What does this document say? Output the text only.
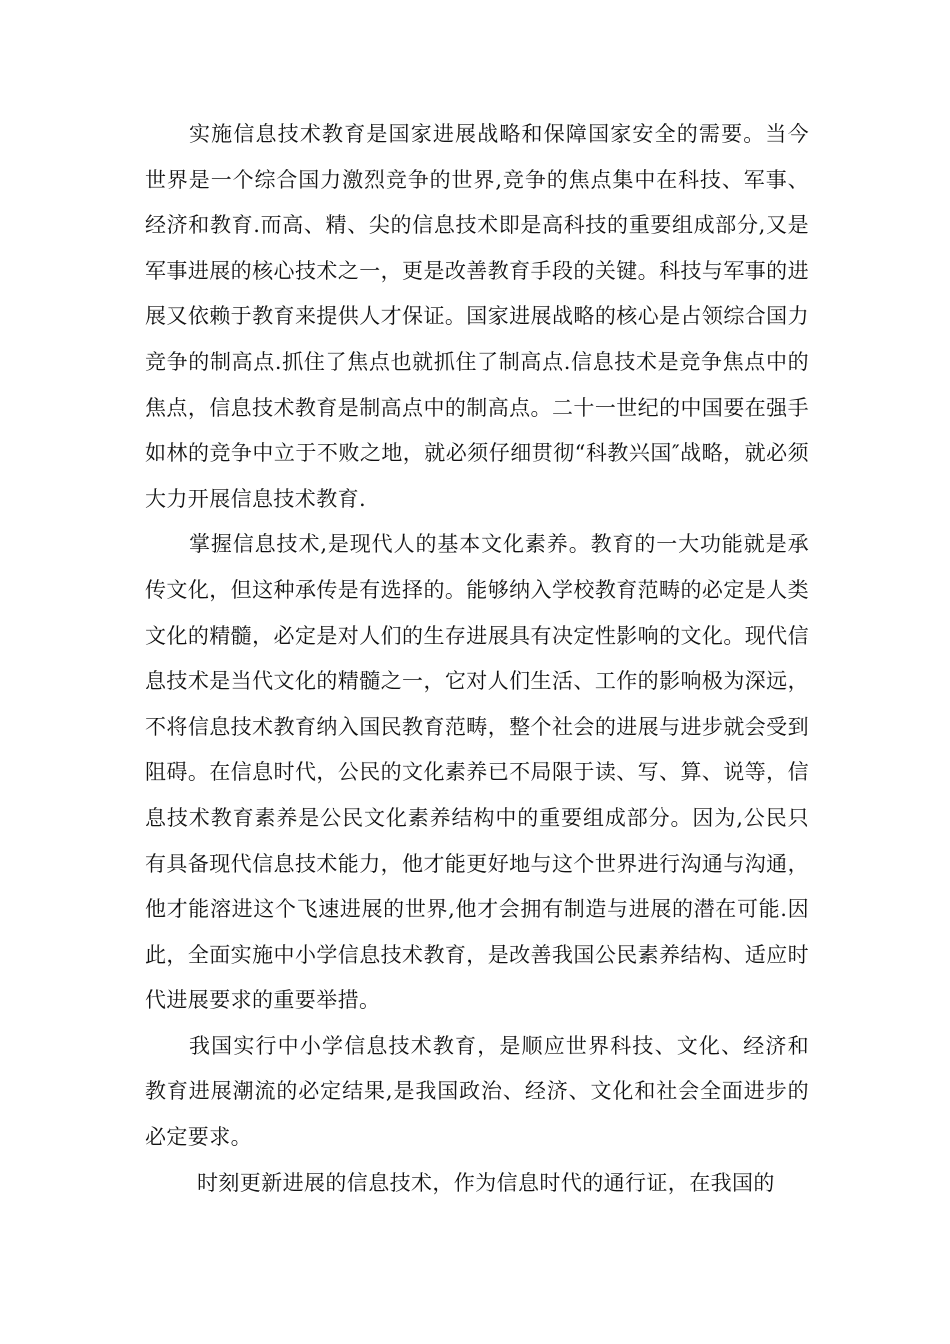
实施信息技术教育是国家进展战略和保障国家安全的需要。当今世界是一个综合国力激烈竞争的世界,竞争的焦点集中在科技、军事、经济和教育.而高、精、尖的信息技术即是高科技的重要组成部分,又是军事进展的核心技术之一，更是改善教育手段的关键。科技与军事的进展又依赖于教育来提供人才保证。国家进展战略的核心是占领综合国力竞争的制高点.抓住了焦点也就抓住了制高点.信息技术是竞争焦点中的焦点，信息技术教育是制高点中的制高点。二十一世纪的中国要在强手如林的竞争中立于不败之地，就必须仔细贯彻“科教兴国″战略，就必须大力开展信息技术教育.

掌握信息技术,是现代人的基本文化素养。教育的一大功能就是承传文化，但这种承传是有选择的。能够纳入学校教育范畴的必定是人类文化的精髓，必定是对人们的生存进展具有决定性影响的文化。现代信息技术是当代文化的精髓之一，它对人们生活、工作的影响极为深远，不将信息技术教育纳入国民教育范畴，整个社会的进展与进步就会受到阻碍。在信息时代，公民的文化素养已不局限于读、写、算、说等，信息技术教育素养是公民文化素养结构中的重要组成部分。因为,公民只有具备现代信息技术能力，他才能更好地与这个世界进行沟通与沟通，他才能溶进这个飞速进展的世界,他才会拥有制造与进展的潜在可能.因此，全面实施中小学信息技术教育，是改善我国公民素养结构、适应时代进展要求的重要举措。

我国实行中小学信息技术教育，是顺应世界科技、文化、经济和教育进展潮流的必定结果,是我国政治、经济、文化和社会全面进步的必定要求。

时刻更新进展的信息技术，作为信息时代的通行证，在我国的
